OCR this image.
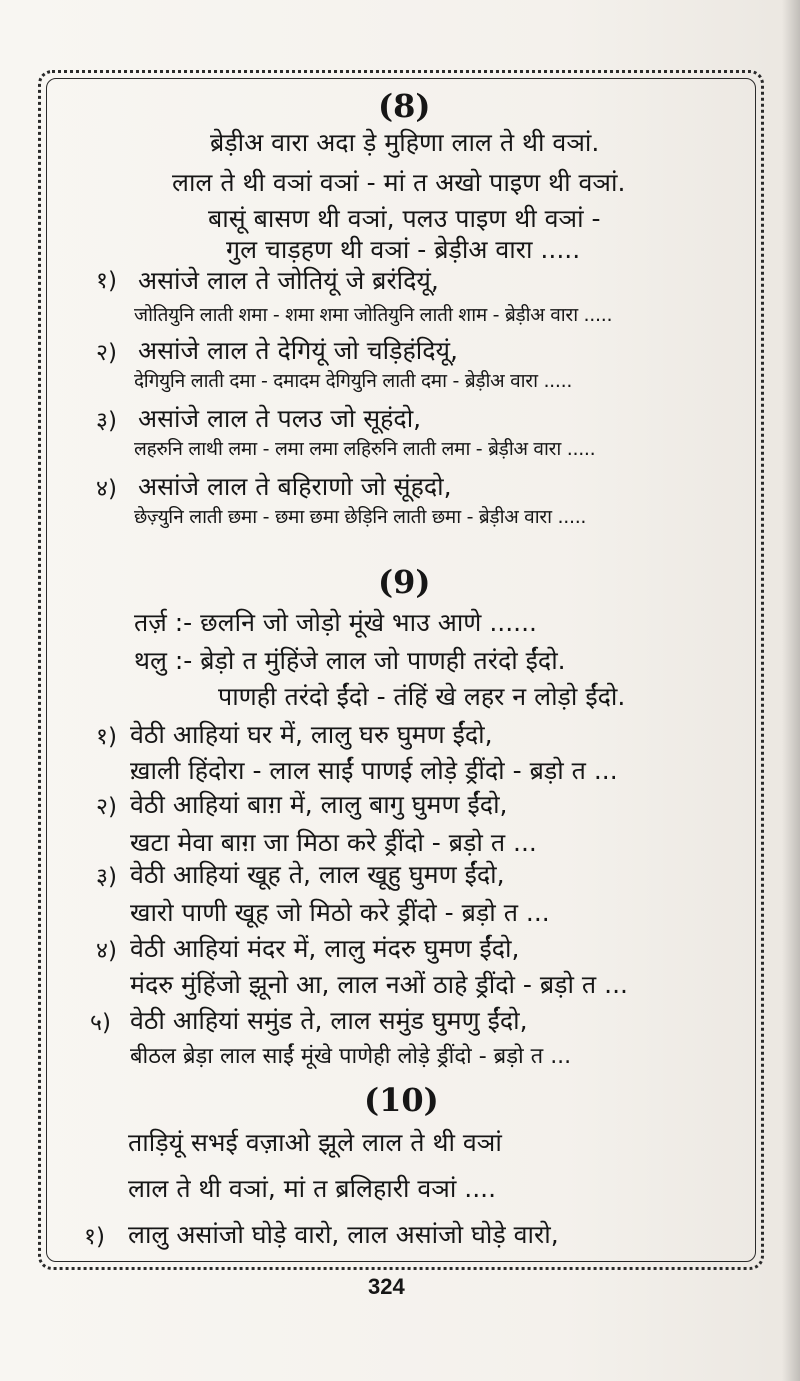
(8)
ब्रेड़ीअ वारा अदा ड़े मुहिणा लाल ते थी वञां.
लाल ते थी वञां वञां - मां त अखो पाइण थी वञां.
बासूं बासण थी वञां, पलउ पाइण थी वञां -
गुल चाड़हण थी वञां - ब्रेड़ीअ वारा .....
१) असांजे लाल ते जोतियूं जे ब्ररंदियूं,
जोतियुनि लाती शमा - शमा शमा जोतियुनि लाती शाम - ब्रेड़ीअ वारा .....
२) असांजे लाल ते देगियूं जो चड़िहंदियूं,
देगियुनि लाती दमा - दमादम देगियुनि लाती दमा - ब्रेड़ीअ वारा .....
३) असांजे लाल ते पलउ जो सूहंदो,
लहरुनि लाथी लमा - लमा लमा लहिरुनि लाती लमा - ब्रेड़ीअ वारा .....
४) असांजे लाल ते बहिराणो जो सूंहदो,
छेज़्युनि लाती छमा - छमा छमा छेड़िनि लाती छमा - ब्रेड़ीअ वारा .....
(9)
तर्ज़ :- छलनि जो जोड़ो मूंखे भाउ आणे ......
थलु :- ब्रेड़ो त मुंहिंजे लाल जो पाणही तरंदो ईंदो.
पाणही तरंदो ईंदो - तंहिं खे लहर न लोड़ो ईंदो.
१) वेठी आहियां घर में, लालु घरु घुमण ईंदो,
ख़ाली हिंदोरा - लाल साईं पाणई लोड़े ड्रींदो - ब्रड़ो त ...
२) वेठी आहियां बाग़ में, लालु बागु घुमण ईंदो,
खटा मेवा बाग़ जा मिठा करे ड्रींदो - ब्रड़ो त ...
३) वेठी आहियां खूह ते, लाल खूहु घुमण ईंदो,
खारो पाणी खूह जो मिठो करे ड्रींदो - ब्रड़ो त ...
४) वेठी आहियां मंदर में, लालु मंदरु घुमण ईंदो,
मंदरु मुंहिंजो झूनो आ, लाल नओं ठाहे ड्रींदो - ब्रड़ो त ...
५) वेठी आहियां समुंड ते, लाल समुंड घुमणु ईंदो,
बीठल ब्रेड़ा लाल साईं मूंखे पाणेही लोड़े ड्रींदो - ब्रड़ो त ...
(10)
ताड़ियूं सभई वज़ाओ झूले लाल ते थी वञां
लाल ते थी वञां, मां त ब्रलिहारी वञां ....
१) लालु असांजो घोड़े वारो, लाल असांजो घोड़े वारो,
324
